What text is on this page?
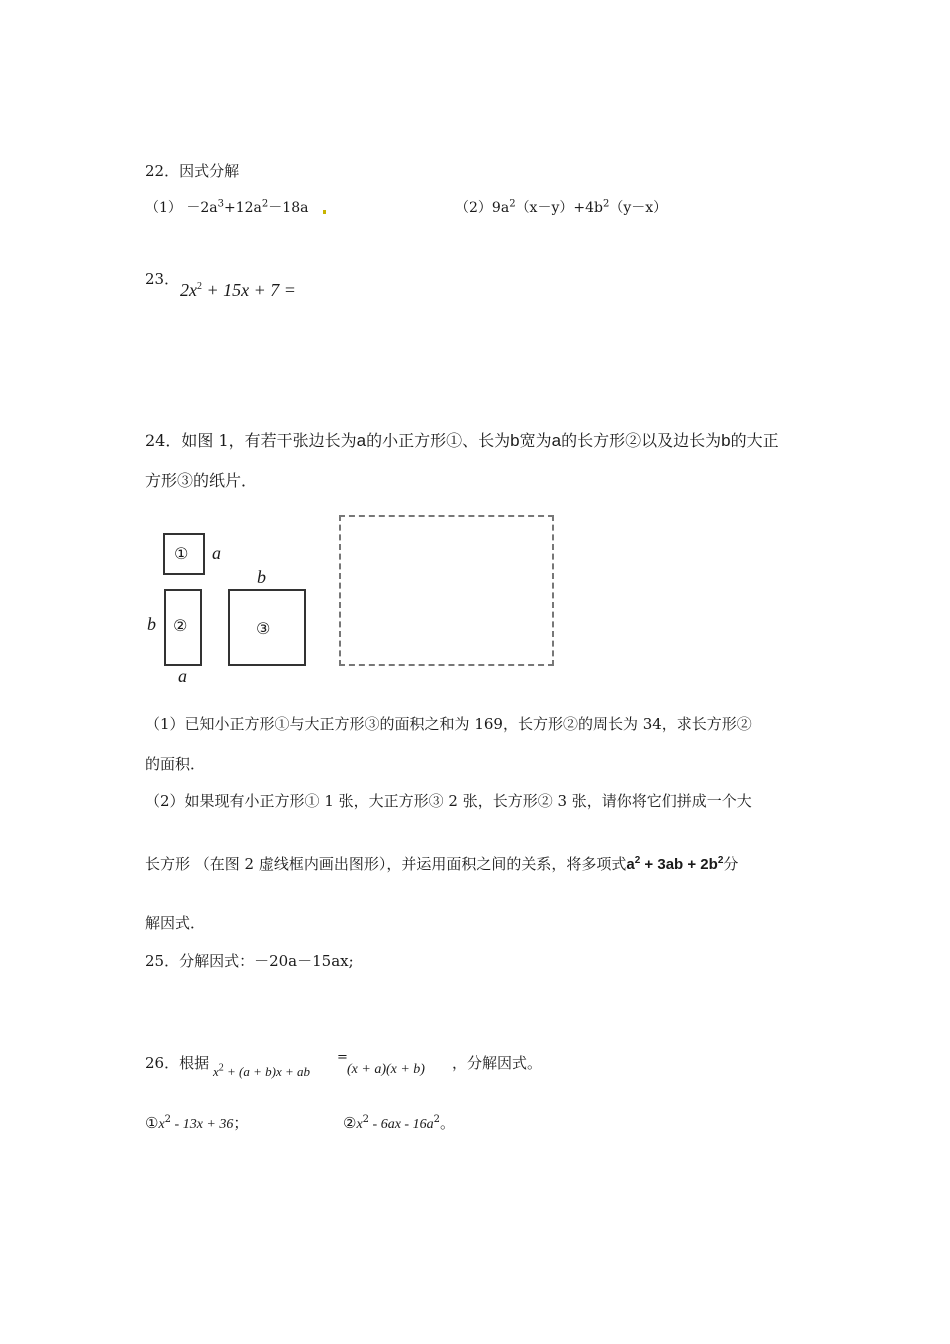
22．因式分解
$(1) -2a^3+12a^2-18a$	$(2)9a^2(x-y)+4b^2(y-x)$
23．
$2x^2 + 15x + 7$ =
24．如图 1，有若干张边长为a的小正方形①、长为b宽为a的长方形②以及边长为b的大正
方形③的纸片．
① a
②
b
a
③
b
（1）已知小正方形①与大正方形③的面积之和为 169，长方形②的周长为 34，求长方形②
的面积．
（2）如果现有小正方形① 1 张，大正方形③ 2 张，长方形② 3 张，请你将它们拼成一个大
长方形 （在图 2 虚线框内画出图形），并运用面积之间的关系，将多项式$a^2 + 3ab + 2b^2$分
解因式．
25．分解因式：－20a－15ax;
26．根据 $x^2 + (a + b)x$ + ab
=
(x + a)(x + b) ，分解因式。
$①x^2 - 13x + 36$；	$②x^2 - 6ax - 16a^2$。
